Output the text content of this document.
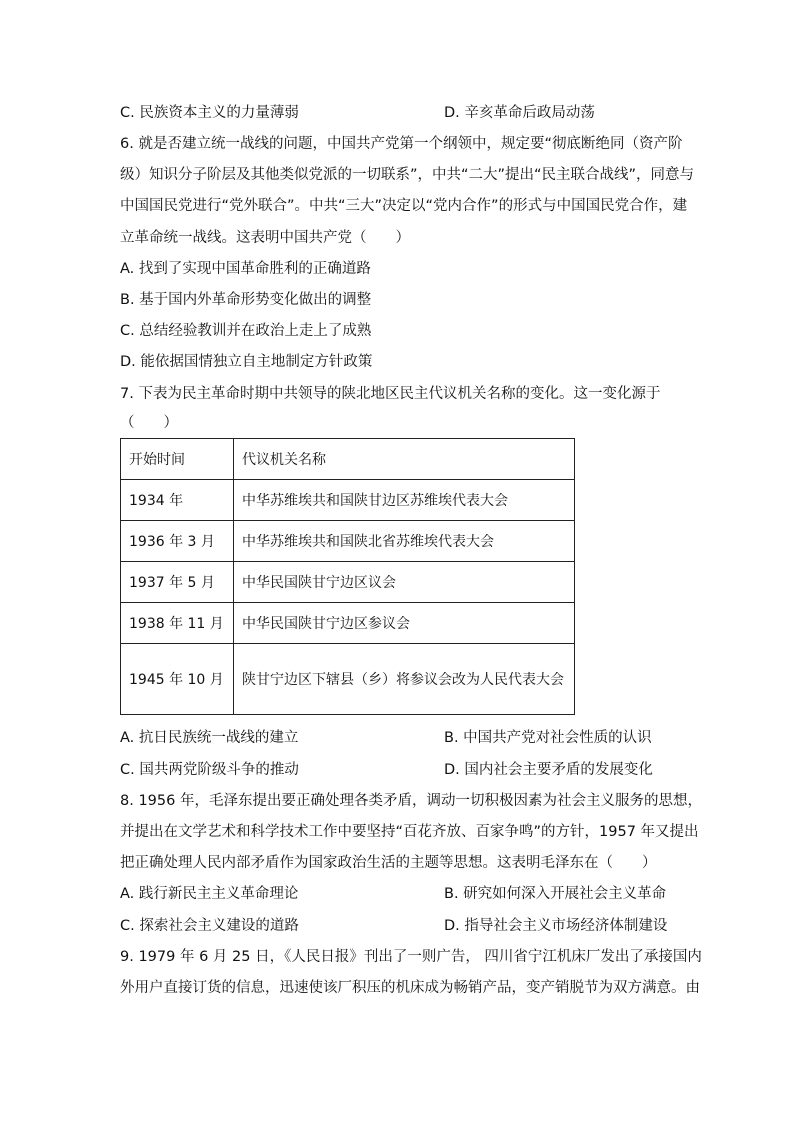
C. 民族资本主义的力量薄弱	D. 辛亥革命后政局动荡
6. 就是否建立统一战线的问题，中国共产党第一个纲领中，规定要“彻底断绝同（资产阶
级）知识分子阶层及其他类似党派的一切联系”，中共“二大”提出“民主联合战线”，同意与
中国国民党进行“党外联合”。中共“三大”决定以“党内合作”的形式与中国国民党合作，建
立革命统一战线。这表明中国共产党（　　）
A. 找到了实现中国革命胜利的正确道路
B. 基于国内外革命形势变化做出的调整
C. 总结经验教训并在政治上走上了成熟
D. 能依据国情独立自主地制定方针政策
7. 下表为民主革命时期中共领导的陕北地区民主代议机关名称的变化。这一变化源于
（　　）
开始时间	代议机关名称
1934 年	中华苏维埃共和国陕甘边区苏维埃代表大会
1936 年 3 月	中华苏维埃共和国陕北省苏维埃代表大会
1937 年 5 月	中华民国陕甘宁边区议会
1938 年 11 月	中华民国陕甘宁边区参议会
1945 年 10 月	陕甘宁边区下辖县（乡）将参议会改为人民代表大会
A. 抗日民族统一战线的建立	B. 中国共产党对社会性质的认识
C. 国共两党阶级斗争的推动	D. 国内社会主要矛盾的发展变化
8. 1956 年，毛泽东提出要正确处理各类矛盾，调动一切积极因素为社会主义服务的思想，
并提出在文学艺术和科学技术工作中要坚持“百花齐放、百家争鸣”的方针，1957 年又提出
把正确处理人民内部矛盾作为国家政治生活的主题等思想。这表明毛泽东在（　　）
A. 践行新民主主义革命理论	B. 研究如何深入开展社会主义革命
C. 探索社会主义建设的道路	D. 指导社会主义市场经济体制建设
9. 1979 年 6 月 25 日，《人民日报》刊出了一则广告， 四川省宁江机床厂发出了承接国内
外用户直接订货的信息，迅速使该厂积压的机床成为畅销产品，变产销脱节为双方满意。由
